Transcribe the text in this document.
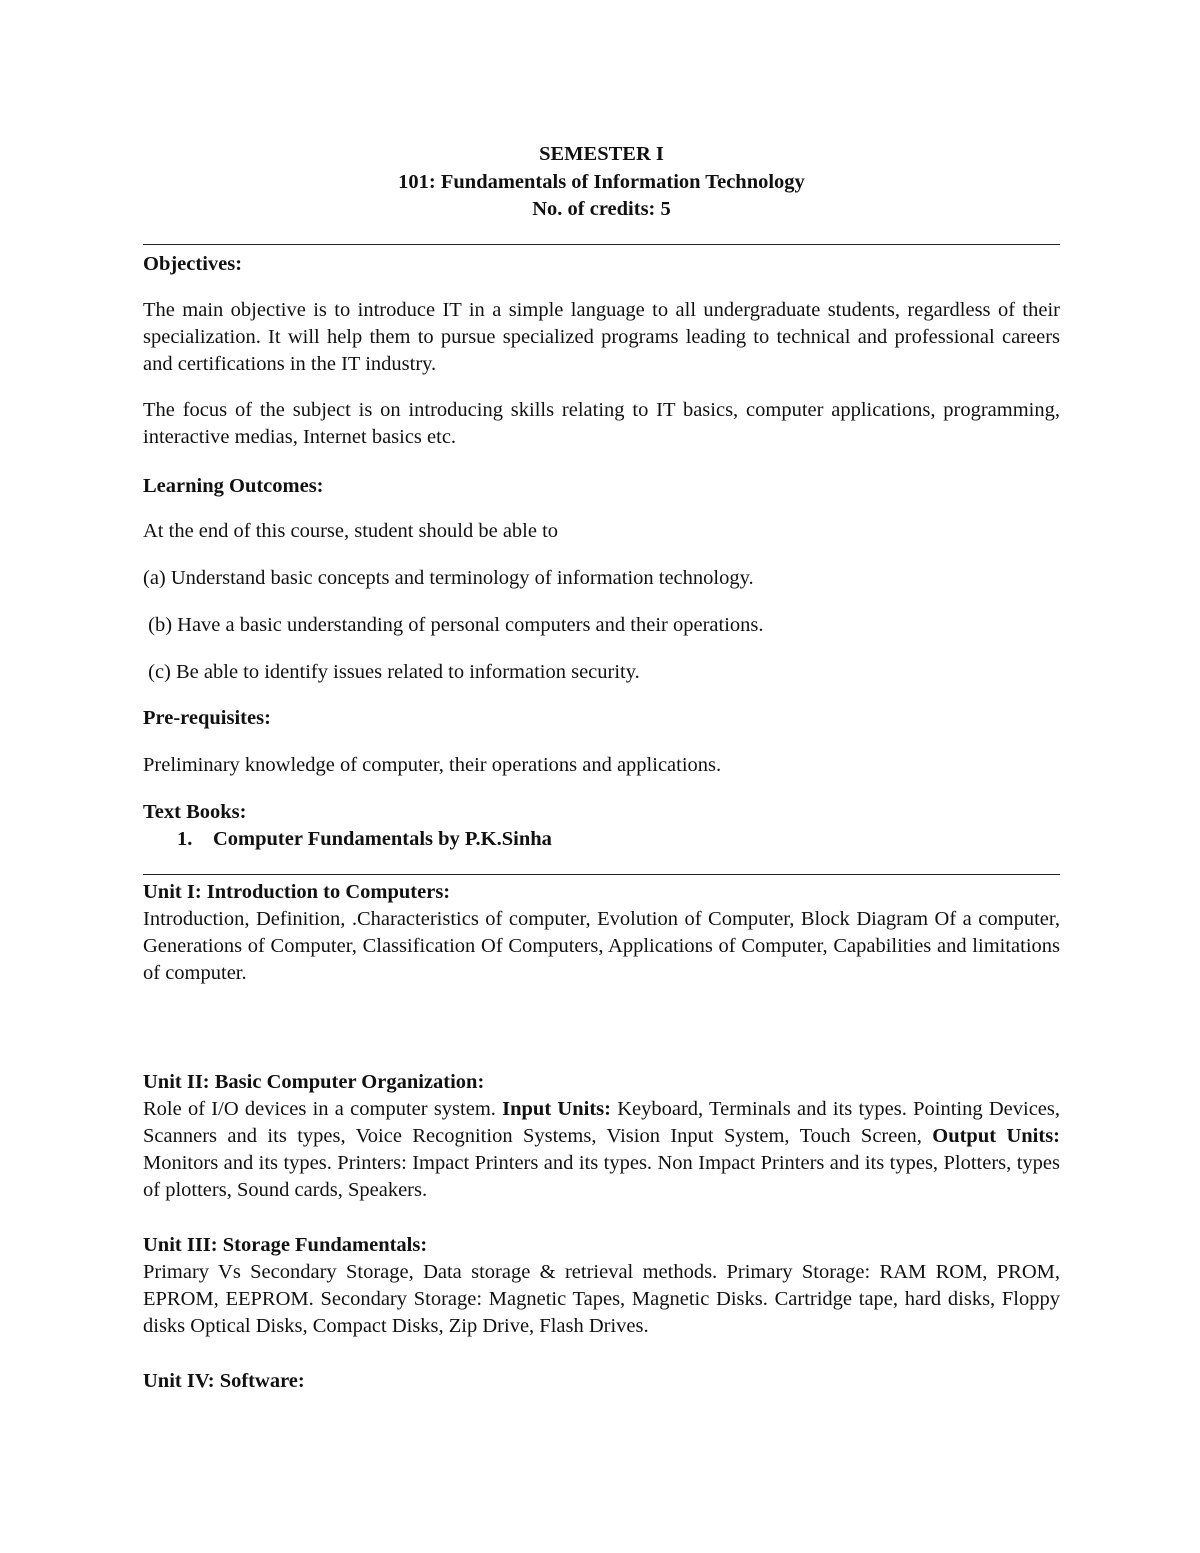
SEMESTER I
101: Fundamentals of Information Technology
No. of credits: 5
Objectives:

The main objective is to introduce IT in a simple language to all undergraduate students, regardless of their specialization. It will help them to pursue specialized programs leading to technical and professional careers and certifications in the IT industry.

The focus of the subject is on introducing skills relating to IT basics, computer applications, programming, interactive medias, Internet basics etc.

Learning Outcomes:
At the end of this course, student should be able to
(a) Understand basic concepts and terminology of information technology.
(b) Have a basic understanding of personal computers and their operations.
(c) Be able to identify issues related to information security.
Pre-requisites:
Preliminary knowledge of computer, their operations and applications.
Text Books:
1. Computer Fundamentals by P.K.Sinha
Unit I: Introduction to Computers:

Introduction, Definition, .Characteristics of computer, Evolution of Computer, Block Diagram Of a computer, Generations of Computer, Classification Of Computers, Applications of Computer, Capabilities and limitations of computer.

Unit II: Basic Computer Organization:

Role of I/O devices in a computer system. Input Units: Keyboard, Terminals and its types. Pointing Devices, Scanners and its types, Voice Recognition Systems, Vision Input System, Touch Screen, Output Units: Monitors and its types. Printers: Impact Printers and its types. Non Impact Printers and its types, Plotters, types of plotters, Sound cards, Speakers.

Unit III: Storage Fundamentals:

Primary Vs Secondary Storage, Data storage & retrieval methods. Primary Storage: RAM ROM, PROM, EPROM, EEPROM. Secondary Storage: Magnetic Tapes, Magnetic Disks. Cartridge tape, hard disks, Floppy disks Optical Disks, Compact Disks, Zip Drive, Flash Drives.

Unit IV: Software:
